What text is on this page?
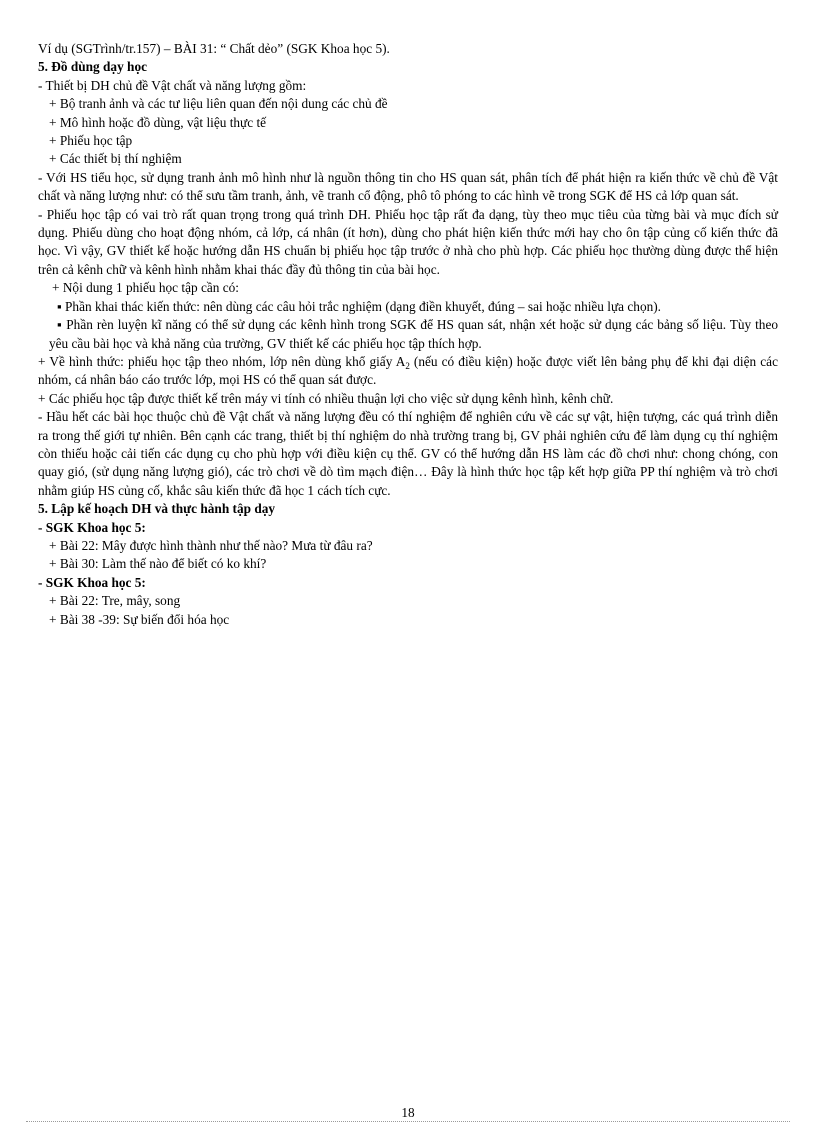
Ví dụ (SGTrình/tr.157) – BÀI 31: “ Chất dẻo” (SGK Khoa học 5).

5. Đồ dùng dạy học

- Thiết bị DH chủ đề Vật chất và năng lượng gồm:

+ Bộ tranh ảnh và các tư liệu liên quan đến nội dung các chủ đề

+ Mô hình hoặc đồ dùng, vật liệu thực tế

+ Phiếu học tập

+ Các thiết bị thí nghiệm

- Với HS tiểu học, sử dụng tranh ảnh mô hình như là nguồn thông tin cho HS quan sát, phân tích để phát hiện ra kiến thức về chủ đề Vật chất và năng lượng như: có thể sưu tầm tranh, ảnh, vẽ tranh cổ động, phô tô phóng to các hình vẽ trong SGK để HS cả lớp quan sát.

- Phiếu học tập có vai trò rất quan trọng trong quá trình DH. Phiếu học tập rất đa dạng, tùy theo mục tiêu của từng bài và mục đích sử dụng. Phiếu dùng cho hoạt động nhóm, cả lớp, cá nhân (ít hơn), dùng cho phát hiện kiến thức mới hay cho ôn tập củng cố kiến thức đã học. Vì vậy, GV thiết kế hoặc hướng dẫn HS chuẩn bị phiếu học tập trước ở nhà cho phù hợp. Các phiếu học thường dùng được thể hiện trên cả kênh chữ và kênh hình nhằm khai thác đầy đủ thông tin của bài học.

+ Nội dung 1 phiếu học tập cần có:

▪ Phần khai thác kiến thức: nên dùng các câu hỏi trắc nghiệm (dạng điền khuyết, đúng – sai hoặc nhiều lựa chọn).

▪ Phần rèn luyện kĩ năng có thể sử dụng các kênh hình trong SGK để HS quan sát, nhận xét hoặc sử dụng các bảng số liệu. Tùy theo yêu cầu bài học và khả năng của trường, GV thiết kế các phiếu học tập thích hợp.

+ Về hình thức: phiếu học tập theo nhóm, lớp nên dùng khổ giấy $A_2$ (nếu có điều kiện) hoặc được viết lên bảng phụ để khi đại diện các nhóm, cá nhân báo cáo trước lớp, mọi HS có thể quan sát được.

+ Các phiếu học tập được thiết kế trên máy vi tính có nhiều thuận lợi cho việc sử dụng kênh hình, kênh chữ.

- Hầu hết các bài học thuộc chủ đề Vật chất và năng lượng đều có thí nghiệm để nghiên cứu về các sự vật, hiện tượng, các quá trình diễn ra trong thế giới tự nhiên. Bên cạnh các trang, thiết bị thí nghiệm do nhà trường trang bị, GV phải nghiên cứu để làm dụng cụ thí nghiệm còn thiếu hoặc cải tiến các dụng cụ cho phù hợp với điều kiện cụ thể. GV có thể hướng dẫn HS làm các đồ chơi như: chong chóng, con quay gió, (sử dụng năng lượng gió), các trò chơi về dò tìm mạch điện… Đây là hình thức học tập kết hợp giữa PP thí nghiệm và trò chơi nhằm giúp HS củng cố, khắc sâu kiến thức đã học 1 cách tích cực.

5. Lập kế hoạch DH và thực hành tập dạy

- SGK Khoa học 5:

+ Bài 22: Mây được hình thành như thế nào? Mưa từ đâu ra?

+ Bài 30: Làm thế nào để biết có ko khí?

- SGK Khoa học 5:

+ Bài 22: Tre, mây, song

+ Bài 38 -39: Sự biến đổi hóa học

18
